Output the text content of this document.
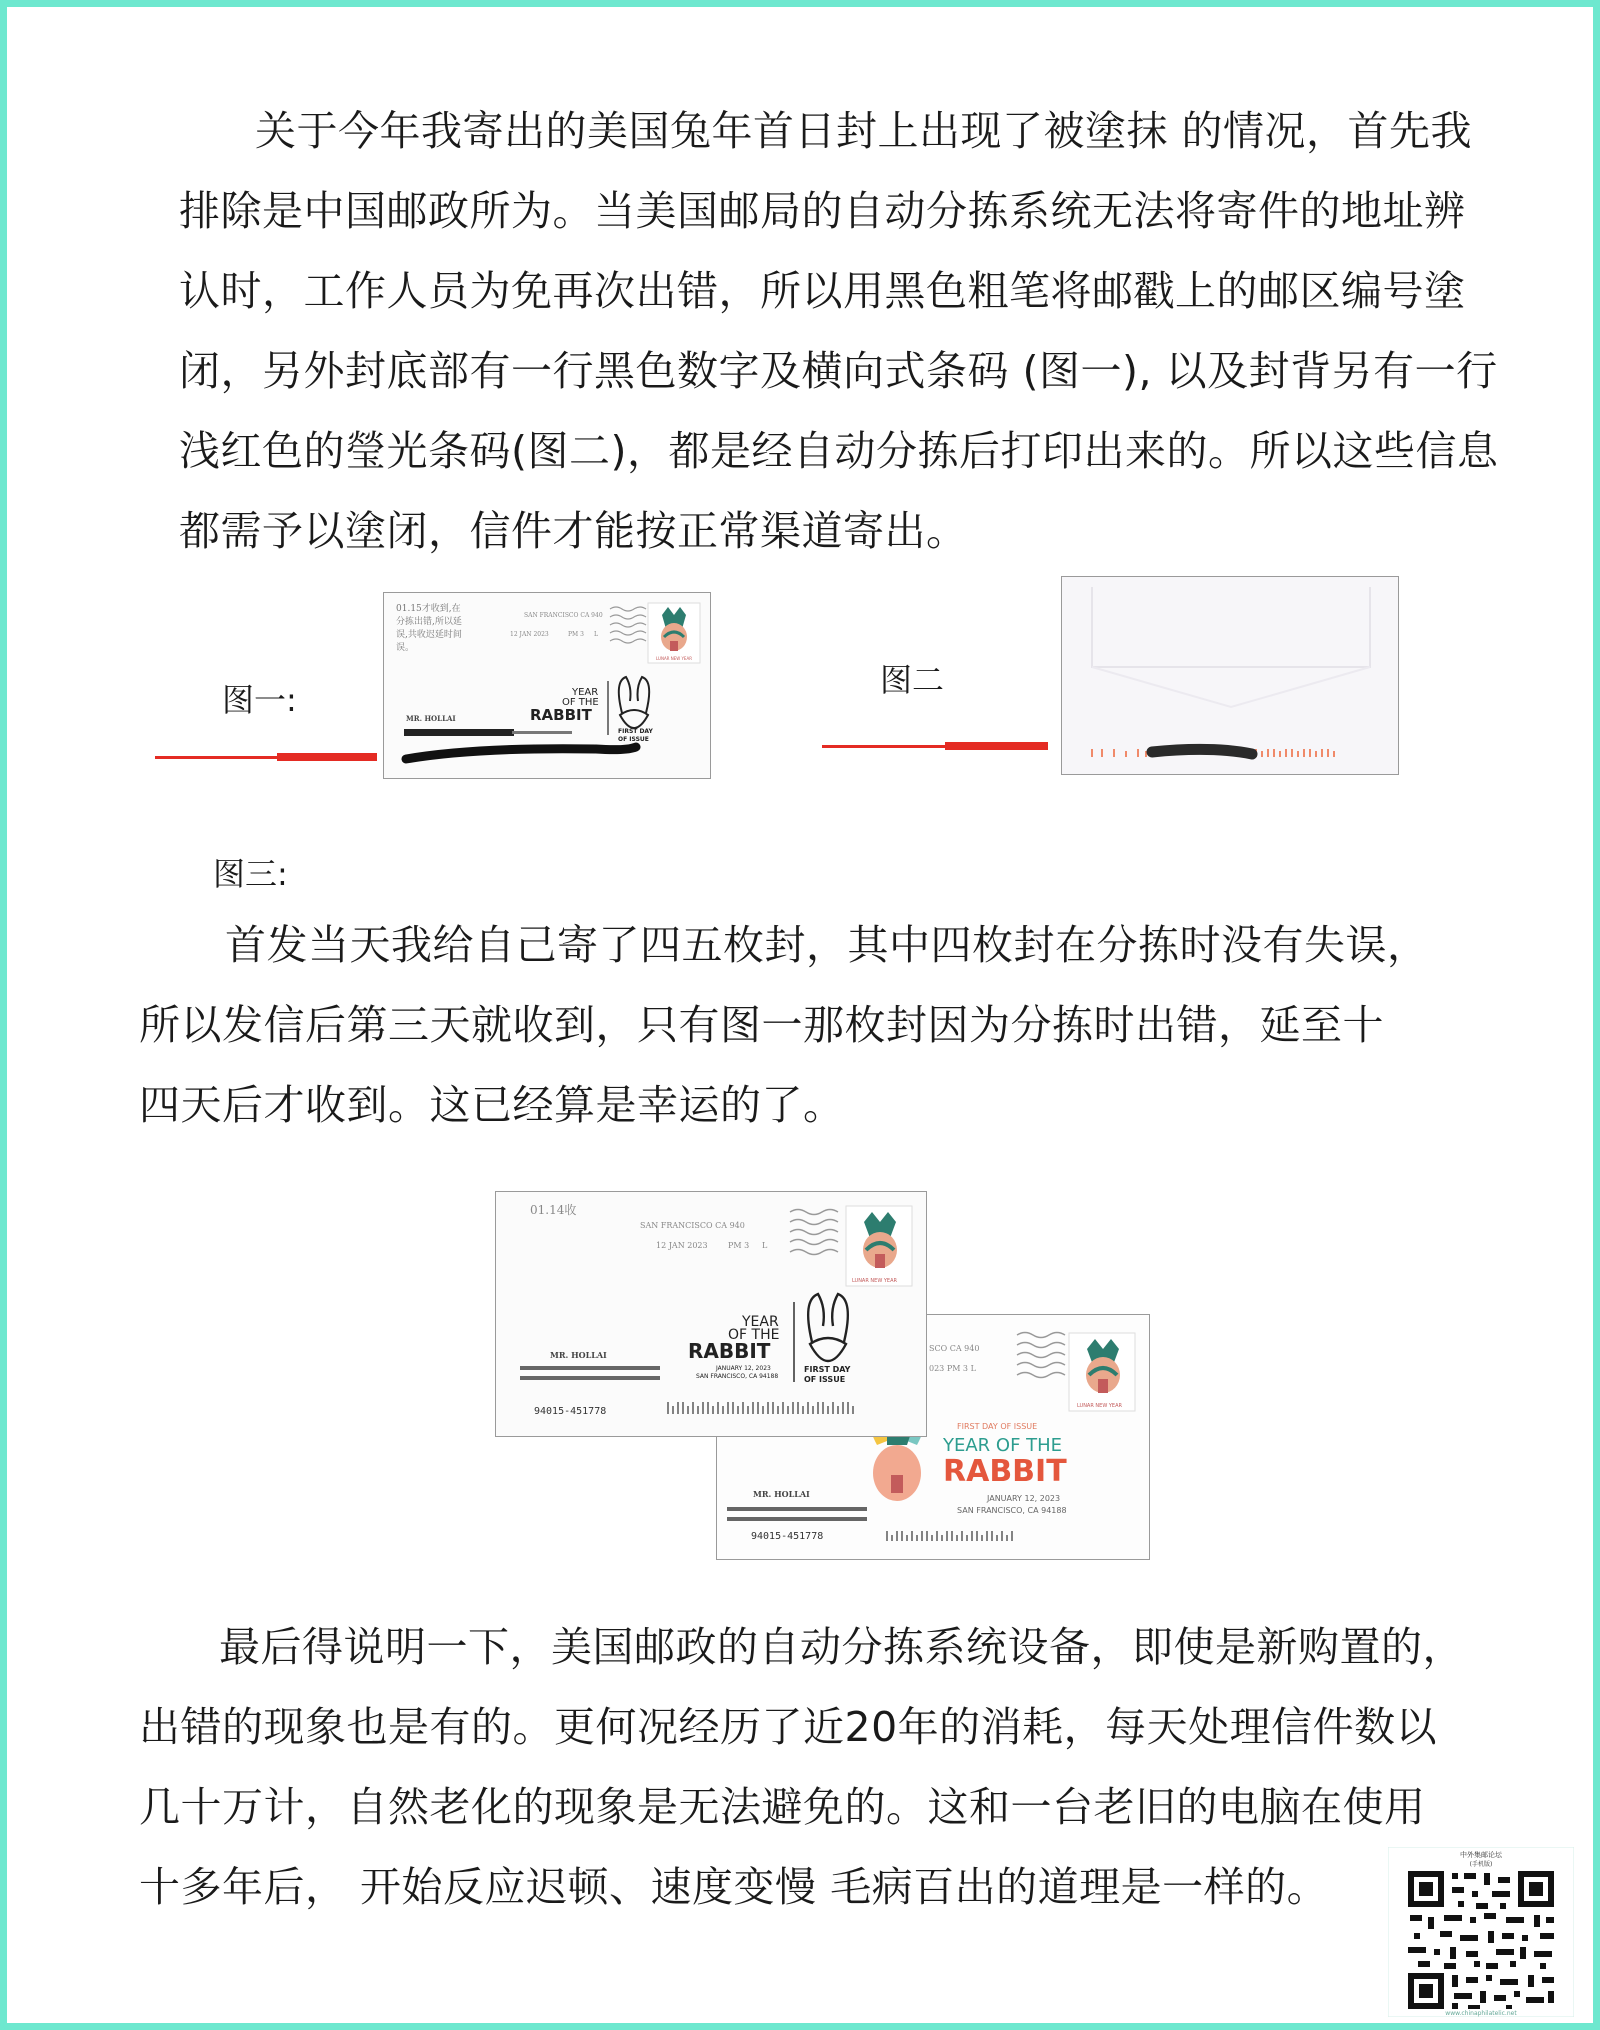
关于今年我寄出的美国兔年首日封上出现了被塗抹 的情况，首先我
排除是中国邮政所为。当美国邮局的自动分拣系统无法将寄件的地址辨
认时，工作人员为免再次出错，所以用黑色粗笔将邮戳上的邮区编号塗
闭，另外封底部有一行黑色数字及横向式条码 (图一), 以及封背另有一行
浅红色的瑩光条码(图二)，都是经自动分拣后打印出来的。所以这些信息
都需予以塗闭，信件才能按正常渠道寄出。

图一:
01.15才收到,在
分拣出错,所以延
误,共收迟延时间
误。
SAN FRANCISCO CA 940
12 JAN 2023	PM 3 L
LUNAR NEW YEAR
YEAR
OF THE
RABBIT
FIRST DAY
OF ISSUE
MR. HOLLAI
图二
图三:

首发当天我给自己寄了四五枚封，其中四枚封在分拣时没有失误，
所以发信后第三天就收到，只有图一那枚封因为分拣时出错，延至十
四天后才收到。这已经算是幸运的了。

SCO CA 940
023 PM 3 L
LUNAR NEW YEAR
FIRST DAY OF ISSUE
YEAR OF THE
RABBIT
JANUARY 12, 2023
SAN FRANCISCO, CA 94188
MR. HOLLAI
94015-451778
01.14收
SAN FRANCISCO CA 940
12 JAN 2023	PM 3 L
LUNAR NEW YEAR
YEAR
OF THE
RABBIT
JANUARY 12, 2023
SAN FRANCISCO, CA 94188
FIRST DAY
OF ISSUE
MR. HOLLAI
94015-451778

最后得说明一下，美国邮政的自动分拣系统设备，即使是新购置的，
出错的现象也是有的。更何况经历了近20年的消耗，每天处理信件数以
几十万计，自然老化的现象是无法避免的。这和一台老旧的电脑在使用
十多年后， 开始反应迟顿、速度变慢 毛病百出的道理是一样的。

中外集邮论坛
(手机版)
www.chinaphilatelic.net
